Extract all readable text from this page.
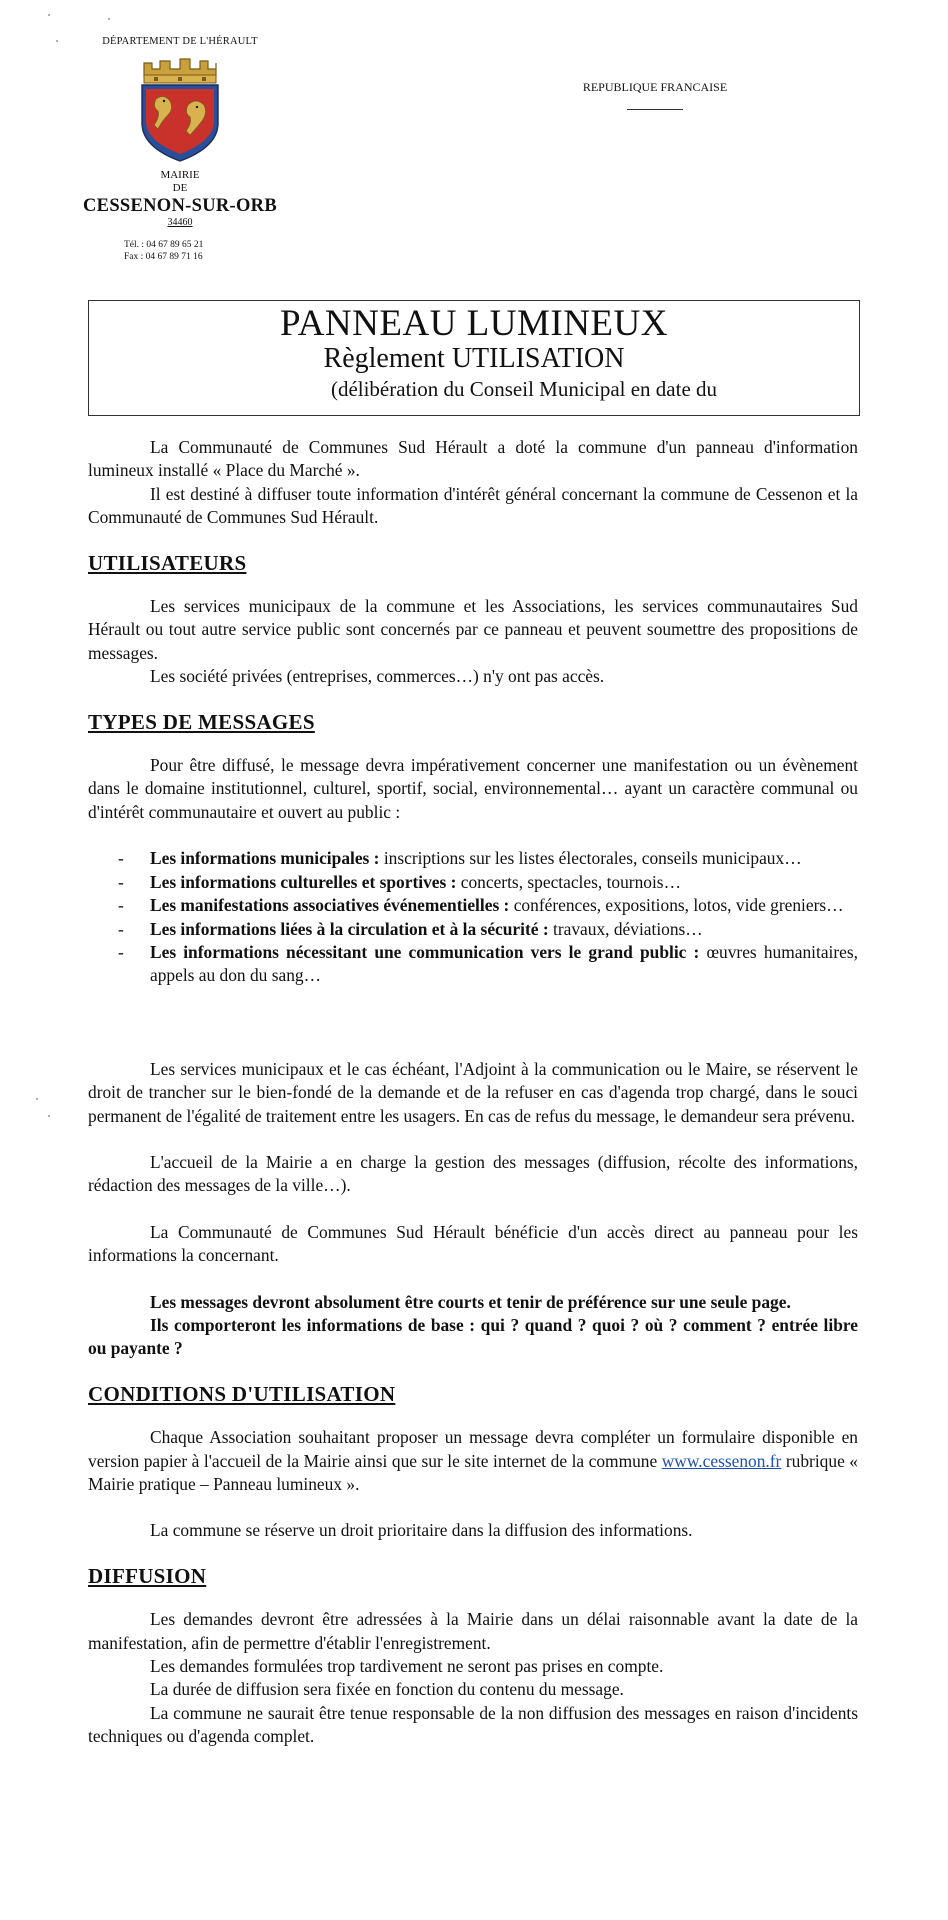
DÉPARTEMENT DE L'HÉRAULT
MAIRIE
DE
CESSENON-SUR-ORB
34460
Tél. : 04 67 89 65 21
Fax : 04 67 89 71 16
REPUBLIQUE FRANCAISE
PANNEAU LUMINEUX
Règlement UTILISATION
(délibération du Conseil Municipal en date du

La Communauté de Communes Sud Hérault a doté la commune d'un panneau d'information lumineux installé « Place du Marché ».

Il est destiné à diffuser toute information d'intérêt général concernant la commune de Cessenon et la Communauté de Communes Sud Hérault.

UTILISATEURS

Les services municipaux de la commune et les Associations, les services communautaires Sud Hérault ou tout autre service public sont concernés par ce panneau et peuvent soumettre des propositions de messages.

Les société privées (entreprises, commerces…) n'y ont pas accès.

TYPES DE MESSAGES

Pour être diffusé, le message devra impérativement concerner une manifestation ou un évènement dans le domaine institutionnel, culturel, sportif, social, environnemental… ayant un caractère communal ou d'intérêt communautaire et ouvert au public :

- Les informations municipales : inscriptions sur les listes électorales, conseils municipaux…
- Les informations culturelles et sportives : concerts, spectacles, tournois…
- Les manifestations associatives événementielles : conférences, expositions, lotos, vide greniers…
- Les informations liées à la circulation et à la sécurité : travaux, déviations…
- Les informations nécessitant une communication vers le grand public : œuvres humanitaires, appels au don du sang…

Les services municipaux et le cas échéant, l'Adjoint à la communication ou le Maire, se réservent le droit de trancher sur le bien-fondé de la demande et de la refuser en cas d'agenda trop chargé, dans le souci permanent de l'égalité de traitement entre les usagers. En cas de refus du message, le demandeur sera prévenu.

L'accueil de la Mairie a en charge la gestion des messages (diffusion, récolte des informations, rédaction des messages de la ville…).

La Communauté de Communes Sud Hérault bénéficie d'un accès direct au panneau pour les informations la concernant.

Les messages devront absolument être courts et tenir de préférence sur une seule page.

Ils comporteront les informations de base : qui ? quand ? quoi ? où ? comment ? entrée libre ou payante ?

CONDITIONS D'UTILISATION

Chaque Association souhaitant proposer un message devra compléter un formulaire disponible en version papier à l'accueil de la Mairie ainsi que sur le site internet de la commune www.cessenon.fr rubrique « Mairie pratique – Panneau lumineux ».

La commune se réserve un droit prioritaire dans la diffusion des informations.

DIFFUSION

Les demandes devront être adressées à la Mairie dans un délai raisonnable avant la date de la manifestation, afin de permettre d'établir l'enregistrement.

Les demandes formulées trop tardivement ne seront pas prises en compte.

La durée de diffusion sera fixée en fonction du contenu du message.

La commune ne saurait être tenue responsable de la non diffusion des messages en raison d'incidents techniques ou d'agenda complet.
